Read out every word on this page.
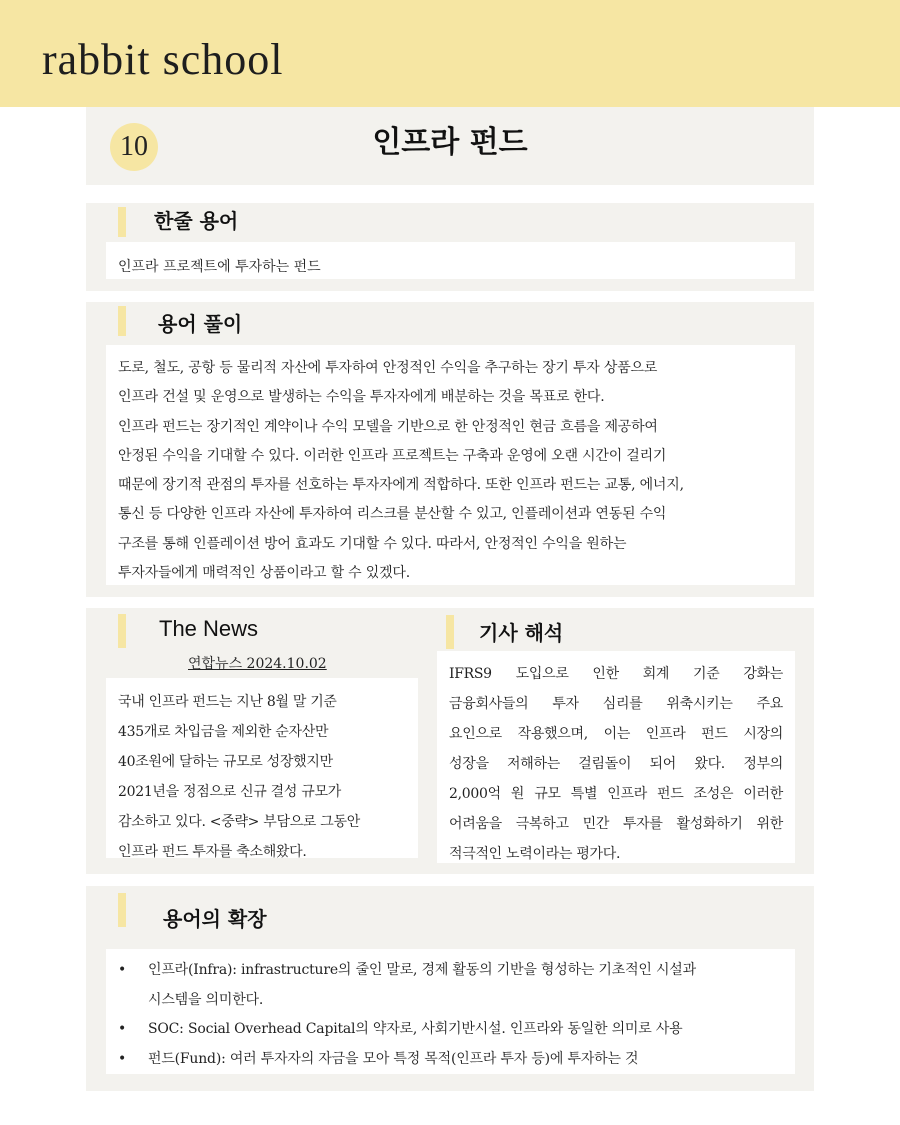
rabbit school
10	인프라 펀드
한줄 용어
인프라 프로젝트에 투자하는 펀드
용어 풀이
도로, 철도, 공항 등 물리적 자산에 투자하여 안정적인 수익을 추구하는 장기 투자 상품으로
인프라 건설 및 운영으로 발생하는 수익을 투자자에게 배분하는 것을 목표로 한다.
인프라 펀드는 장기적인 계약이나 수익 모델을 기반으로 한 안정적인 현금 흐름을 제공하여
안정된 수익을 기대할 수 있다. 이러한 인프라 프로젝트는 구축과 운영에 오랜 시간이 걸리기
때문에 장기적 관점의 투자를 선호하는 투자자에게 적합하다. 또한 인프라 펀드는 교통, 에너지,
통신 등 다양한 인프라 자산에 투자하여 리스크를 분산할 수 있고, 인플레이션과 연동된 수익
구조를 통해 인플레이션 방어 효과도 기대할 수 있다. 따라서, 안정적인 수익을 원하는
투자자들에게 매력적인 상품이라고 할 수 있겠다.
The News
연합뉴스 2024.10.02
국내 인프라 펀드는 지난 8월 말 기준
435개로 차입금을 제외한 순자산만
40조원에 달하는 규모로 성장했지만
2021년을 정점으로 신규 결성 규모가
감소하고 있다. <중략> 부담으로 그동안
인프라 펀드 투자를 축소해왔다.
기사 해석
IFRS9 도입으로 인한 회계 기준 강화는
금융회사들의 투자 심리를 위축시키는 주요
요인으로 작용했으며, 이는 인프라 펀드 시장의
성장을 저해하는 걸림돌이 되어 왔다. 정부의
2,000억 원 규모 특별 인프라 펀드 조성은 이러한
어려움을 극복하고 민간 투자를 활성화하기 위한
적극적인 노력이라는 평가다.
용어의 확장
• 인프라(Infra): infrastructure의 줄인 말로, 경제 활동의 기반을 형성하는 기초적인 시설과
시스템을 의미한다.
• SOC: Social Overhead Capital의 약자로, 사회기반시설. 인프라와 동일한 의미로 사용
• 펀드(Fund): 여러 투자자의 자금을 모아 특정 목적(인프라 투자 등)에 투자하는 것
